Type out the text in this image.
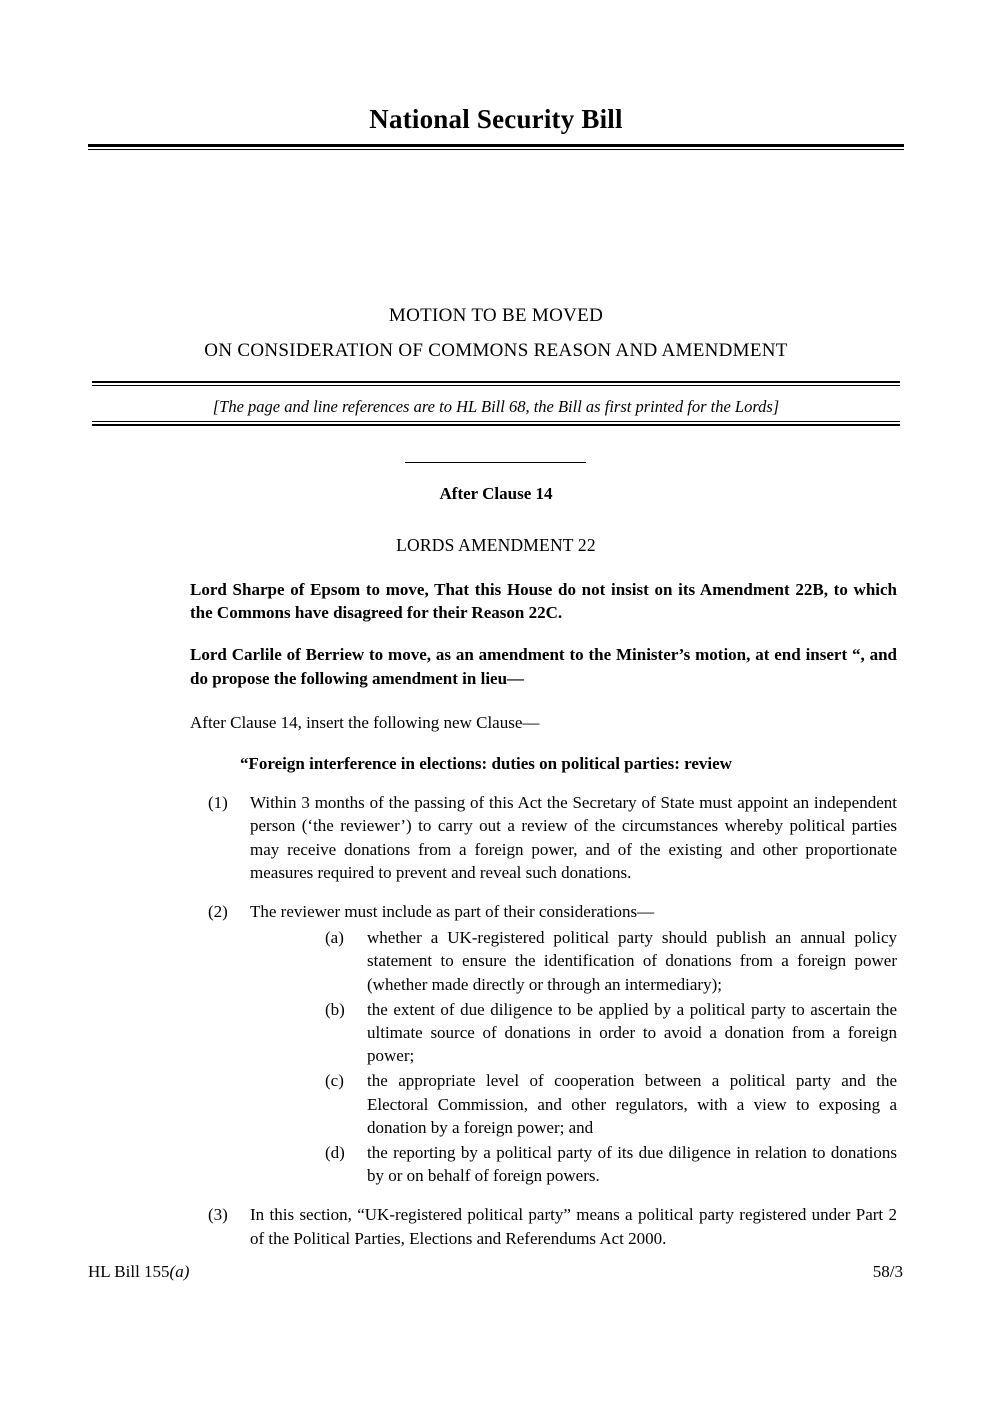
National Security Bill
MOTION TO BE MOVED
ON CONSIDERATION OF COMMONS REASON AND AMENDMENT
[The page and line references are to HL Bill 68, the Bill as first printed for the Lords]
After Clause 14
LORDS AMENDMENT 22

Lord Sharpe of Epsom to move, That this House do not insist on its Amendment 22B, to which the Commons have disagreed for their Reason 22C.

Lord Carlile of Berriew to move, as an amendment to the Minister’s motion, at end insert “, and do propose the following amendment in lieu—

After Clause 14, insert the following new Clause—

“Foreign interference in elections: duties on political parties: review

(1)	Within 3 months of the passing of this Act the Secretary of State must appoint an independent person (‘the reviewer’) to carry out a review of the circumstances whereby political parties may receive donations from a foreign power, and of the existing and other proportionate measures required to prevent and reveal such donations.

(2)	The reviewer must include as part of their considerations—

(a)	whether a UK-registered political party should publish an annual policy statement to ensure the identification of donations from a foreign power (whether made directly or through an intermediary);

(b)	the extent of due diligence to be applied by a political party to ascertain the ultimate source of donations in order to avoid a donation from a foreign power;

(c)	the appropriate level of cooperation between a political party and the Electoral Commission, and other regulators, with a view to exposing a donation by a foreign power; and

(d)	the reporting by a political party of its due diligence in relation to donations by or on behalf of foreign powers.

(3)	In this section, “UK-registered political party” means a political party registered under Part 2 of the Political Parties, Elections and Referendums Act 2000.

HL Bill 155(a)	58/3
